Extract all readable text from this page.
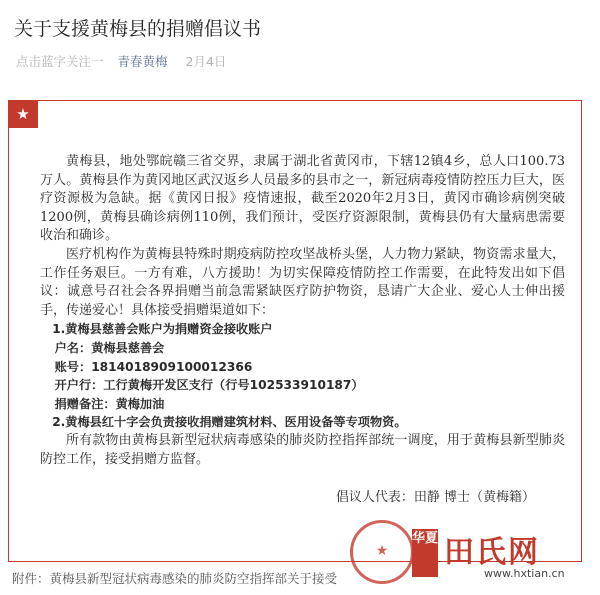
关于支援黄梅县的捐赠倡议书
点击蓝字关注一 青春黄梅 2月4日
★

黄梅县，地处鄂皖赣三省交界，隶属于湖北省黄冈市，下辖12镇4乡，总人口100.73万人。黄梅县作为黄冈地区武汉返乡人员最多的县市之一，新冠病毒疫情防控压力巨大，医疗资源极为急缺。据《黄冈日报》疫情速报，截至2020年2月3日，黄冈市确诊病例突破1200例，黄梅县确诊病例110例，我们预计，受医疗资源限制，黄梅县仍有大量病患需要收治和确诊。

医疗机构作为黄梅县特殊时期疫病防控攻坚战桥头堡，人力物力紧缺，物资需求量大，工作任务艰巨。一方有难，八方援助！为切实保障疫情防控工作需要，在此特发出如下倡议：诚意号召社会各界捐赠当前急需紧缺医疗防护物资，恳请广大企业、爱心人士伸出援手，传递爱心！具体接受捐赠渠道如下：

1.黄梅县慈善会账户为捐赠资金接收账户

户名：黄梅县慈善会

账号：1814018909100012366

开户行：工行黄梅开发区支行（行号102533910187）

捐赠备注：黄梅加油

2.黄梅县红十字会负责接收捐赠建筑材料、医用设备等专项物资。

所有款物由黄梅县新型冠状病毒感染的肺炎防控指挥部统一调度，用于黄梅县新型肺炎防控工作，接受捐赠方监督。

倡议人代表：田静 博士（黄梅籍）

★
华夏 田氏网
www.hxtian.cn
附件：黄梅县新型冠状病毒感染的肺炎防空指挥部关于接受
